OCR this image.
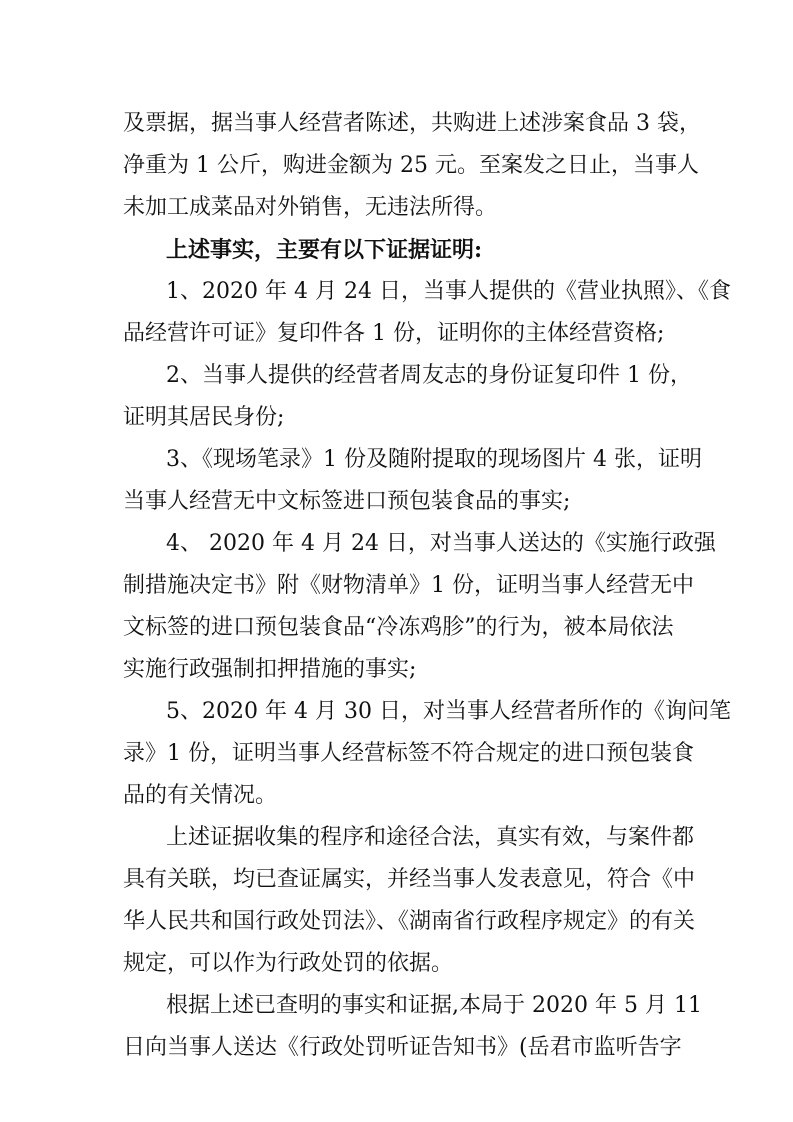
及票据，据当事人经营者陈述，共购进上述涉案食品 3 袋，
净重为 1 公斤，购进金额为 25 元。至案发之日止，当事人
未加工成菜品对外销售，无违法所得。
上述事实，主要有以下证据证明:
1、2020 年 4 月 24 日，当事人提供的《营业执照》、《食
品经营许可证》复印件各 1 份，证明你的主体经营资格;
2、当事人提供的经营者周友志的身份证复印件 1 份，
证明其居民身份;
3、《现场笔录》1 份及随附提取的现场图片 4 张，证明
当事人经营无中文标签进口预包装食品的事实;
4、 2020 年 4 月 24 日，对当事人送达的《实施行政强
制措施决定书》附《财物清单》1 份，证明当事人经营无中
文标签的进口预包装食品“冷冻鸡胗”的行为，被本局依法
实施行政强制扣押措施的事实;
5、2020 年 4 月 30 日，对当事人经营者所作的《询问笔
录》1 份，证明当事人经营标签不符合规定的进口预包装食
品的有关情况。
上述证据收集的程序和途径合法，真实有效，与案件都
具有关联，均已查证属实，并经当事人发表意见，符合《中
华人民共和国行政处罚法》、《湖南省行政程序规定》的有关
规定，可以作为行政处罚的依据。
根据上述已查明的事实和证据,本局于 2020 年 5 月 11
日向当事人送达《行政处罚听证告知书》(岳君市监听告字
